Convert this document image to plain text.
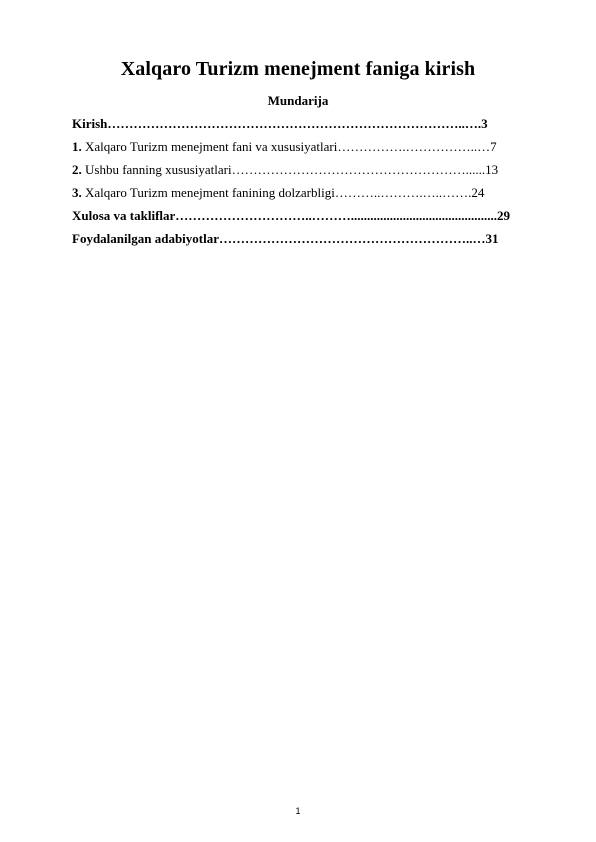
Xalqaro Turizm menejment faniga kirish
Mundarija
Kirish………………………………………………………………………..….3
1. Xalqaro Turizm menejment fani va xususiyatlari…………….……………..…7
2. Ushbu fanning xususiyatlari………………………………………………......13
3. Xalqaro Turizm menejment fanining dolzarbligi………..……….…..…….24
Xulosa va takliflar…………………………..……….............................................29
Foydalanilgan adabiyotlar…………………………………………………..…31
1
